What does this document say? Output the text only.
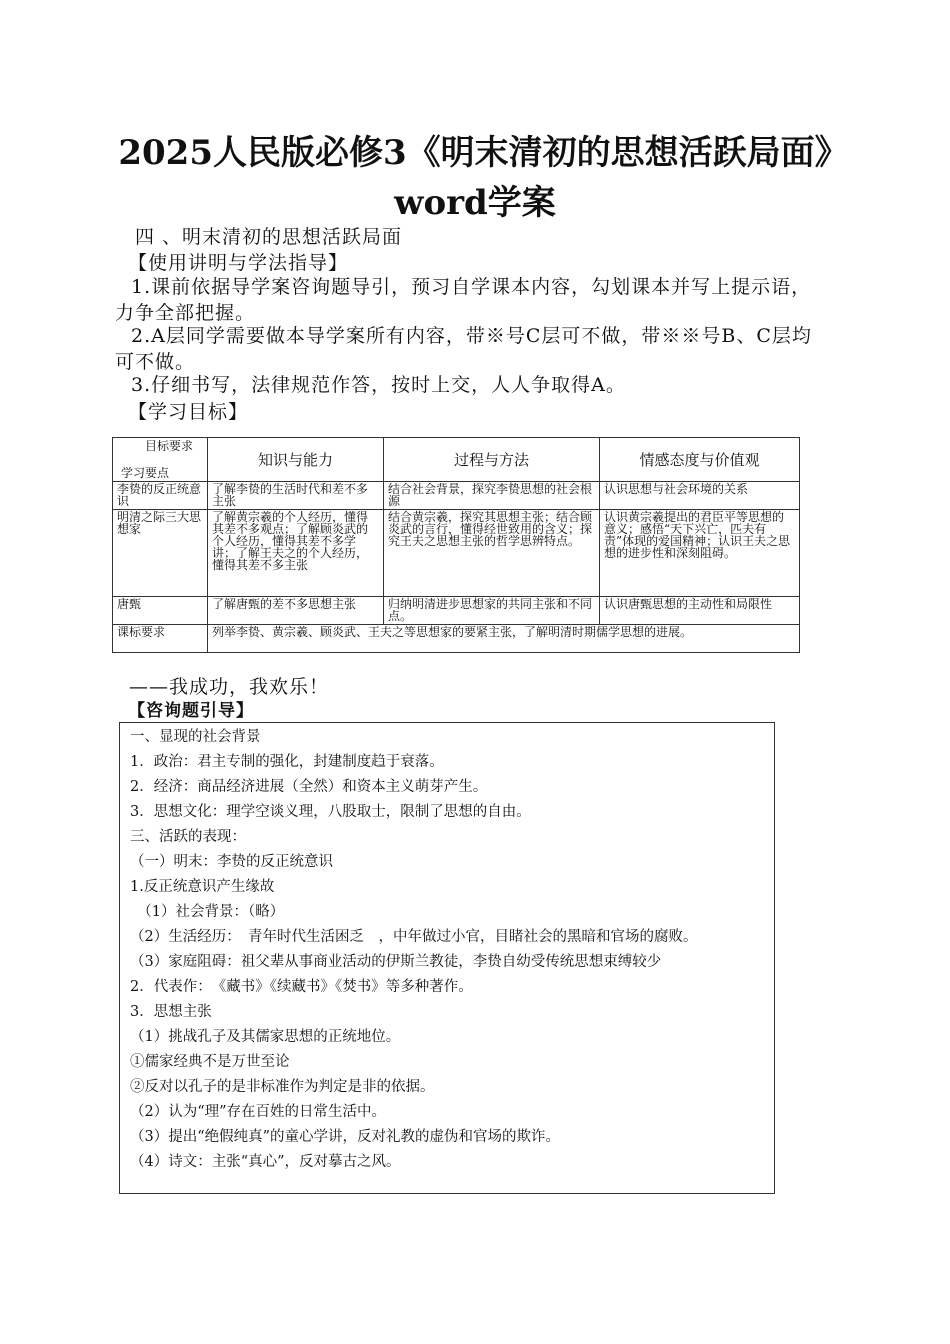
2025人民版必修3《明末清初的思想活跃局面》word学案
四 、明末清初的思想活跃局面
【使用讲明与学法指导】
1.课前依据导学案咨询题导引，预习自学课本内容，勾划课本并写上提示语，力争全部把握。
2.A层同学需要做本导学案所有内容，带※号C层可不做，带※※号B、C层均可不做。
3.仔细书写，法律规范作答，按时上交，人人争取得A。
【学习目标】
目标要求
学习要点	知识与能力	过程与方法	情感态度与价值观
李贽的反正统意识	了解李贽的生活时代和差不多主张	结合社会背景，探究李贽思想的社会根源	认识思想与社会环境的关系
明清之际三大思想家	了解黄宗羲的个人经历，懂得其差不多观点；了解顾炎武的个人经历，懂得其差不多学讲；了解王夫之的个人经历，懂得其差不多主张	结合黄宗羲，探究其思想主张；结合顾炎武的言行，懂得经世致用的含义；探究王夫之思想主张的哲学思辨特点。	认识黄宗羲提出的君臣平等思想的意义；感悟“天下兴亡，匹夫有责”体现的爱国精神；认识王夫之思想的进步性和深刻阻碍。
唐甄	了解唐甄的差不多思想主张	归纳明清进步思想家的共同主张和不同点。	认识唐甄思想的主动性和局限性
课标要求	列举李贽、黄宗羲、顾炎武、王夫之等思想家的要紧主张，了解明清时期儒学思想的进展。		
——我成功，我欢乐！
【咨询题引导】
一、显现的社会背景
1．政治：君主专制的强化，封建制度趋于衰落。
2．经济：商品经济进展（全然）和资本主义萌芽产生。
3．思想文化：理学空谈义理，八股取士，限制了思想的自由。
三、活跃的表现：
（一）明末：李贽的反正统意识
1.反正统意识产生缘故
　（1）社会背景：（略）
（2）生活经历：　青年时代生活困乏　，中年做过小官，目睹社会的黑暗和官场的腐败。
（3）家庭阻碍：祖父辈从事商业活动的伊斯兰教徒，李贽自幼受传统思想束缚较少
2．代表作：　《藏书》《续藏书》《焚书》等多种著作。
3．思想主张
（1）挑战孔子及其儒家思想的正统地位。
①儒家经典不是万世至论
②反对以孔子的是非标准作为判定是非的依据。
（2）认为“理”存在百姓的日常生活中。
（3）提出“绝假纯真”的童心学讲，反对礼教的虚伪和官场的欺诈。
（4）诗文：主张“真心”，反对摹古之风。
